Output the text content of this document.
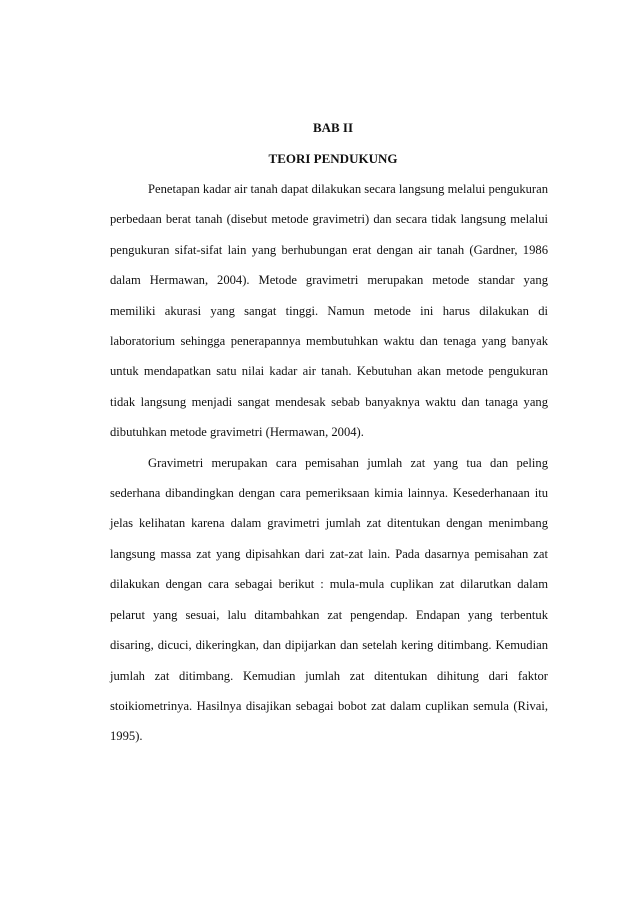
BAB II
TEORI PENDUKUNG

Penetapan kadar air tanah dapat dilakukan secara langsung melalui pengukuran perbedaan berat tanah (disebut metode gravimetri) dan secara tidak langsung melalui pengukuran sifat-sifat lain yang berhubungan erat dengan air tanah (Gardner, 1986 dalam Hermawan, 2004). Metode gravimetri merupakan metode standar yang memiliki akurasi yang sangat tinggi. Namun metode ini harus dilakukan di laboratorium sehingga penerapannya membutuhkan waktu dan tenaga yang banyak untuk mendapatkan satu nilai kadar air tanah. Kebutuhan akan metode pengukuran tidak langsung menjadi sangat mendesak sebab banyaknya waktu dan tanaga yang dibutuhkan metode gravimetri (Hermawan, 2004).

Gravimetri merupakan cara pemisahan jumlah zat yang tua dan peling sederhana dibandingkan dengan cara pemeriksaan kimia lainnya. Kesederhanaan itu jelas kelihatan karena dalam gravimetri jumlah zat ditentukan dengan menimbang langsung massa zat yang dipisahkan dari zat-zat lain. Pada dasarnya pemisahan zat dilakukan dengan cara sebagai berikut : mula-mula cuplikan zat dilarutkan dalam pelarut yang sesuai, lalu ditambahkan zat pengendap. Endapan yang terbentuk disaring, dicuci, dikeringkan, dan dipijarkan dan setelah kering ditimbang. Kemudian jumlah zat ditimbang. Kemudian jumlah zat ditentukan dihitung dari faktor stoikiometrinya. Hasilnya disajikan sebagai bobot zat dalam cuplikan semula (Rivai, 1995).
